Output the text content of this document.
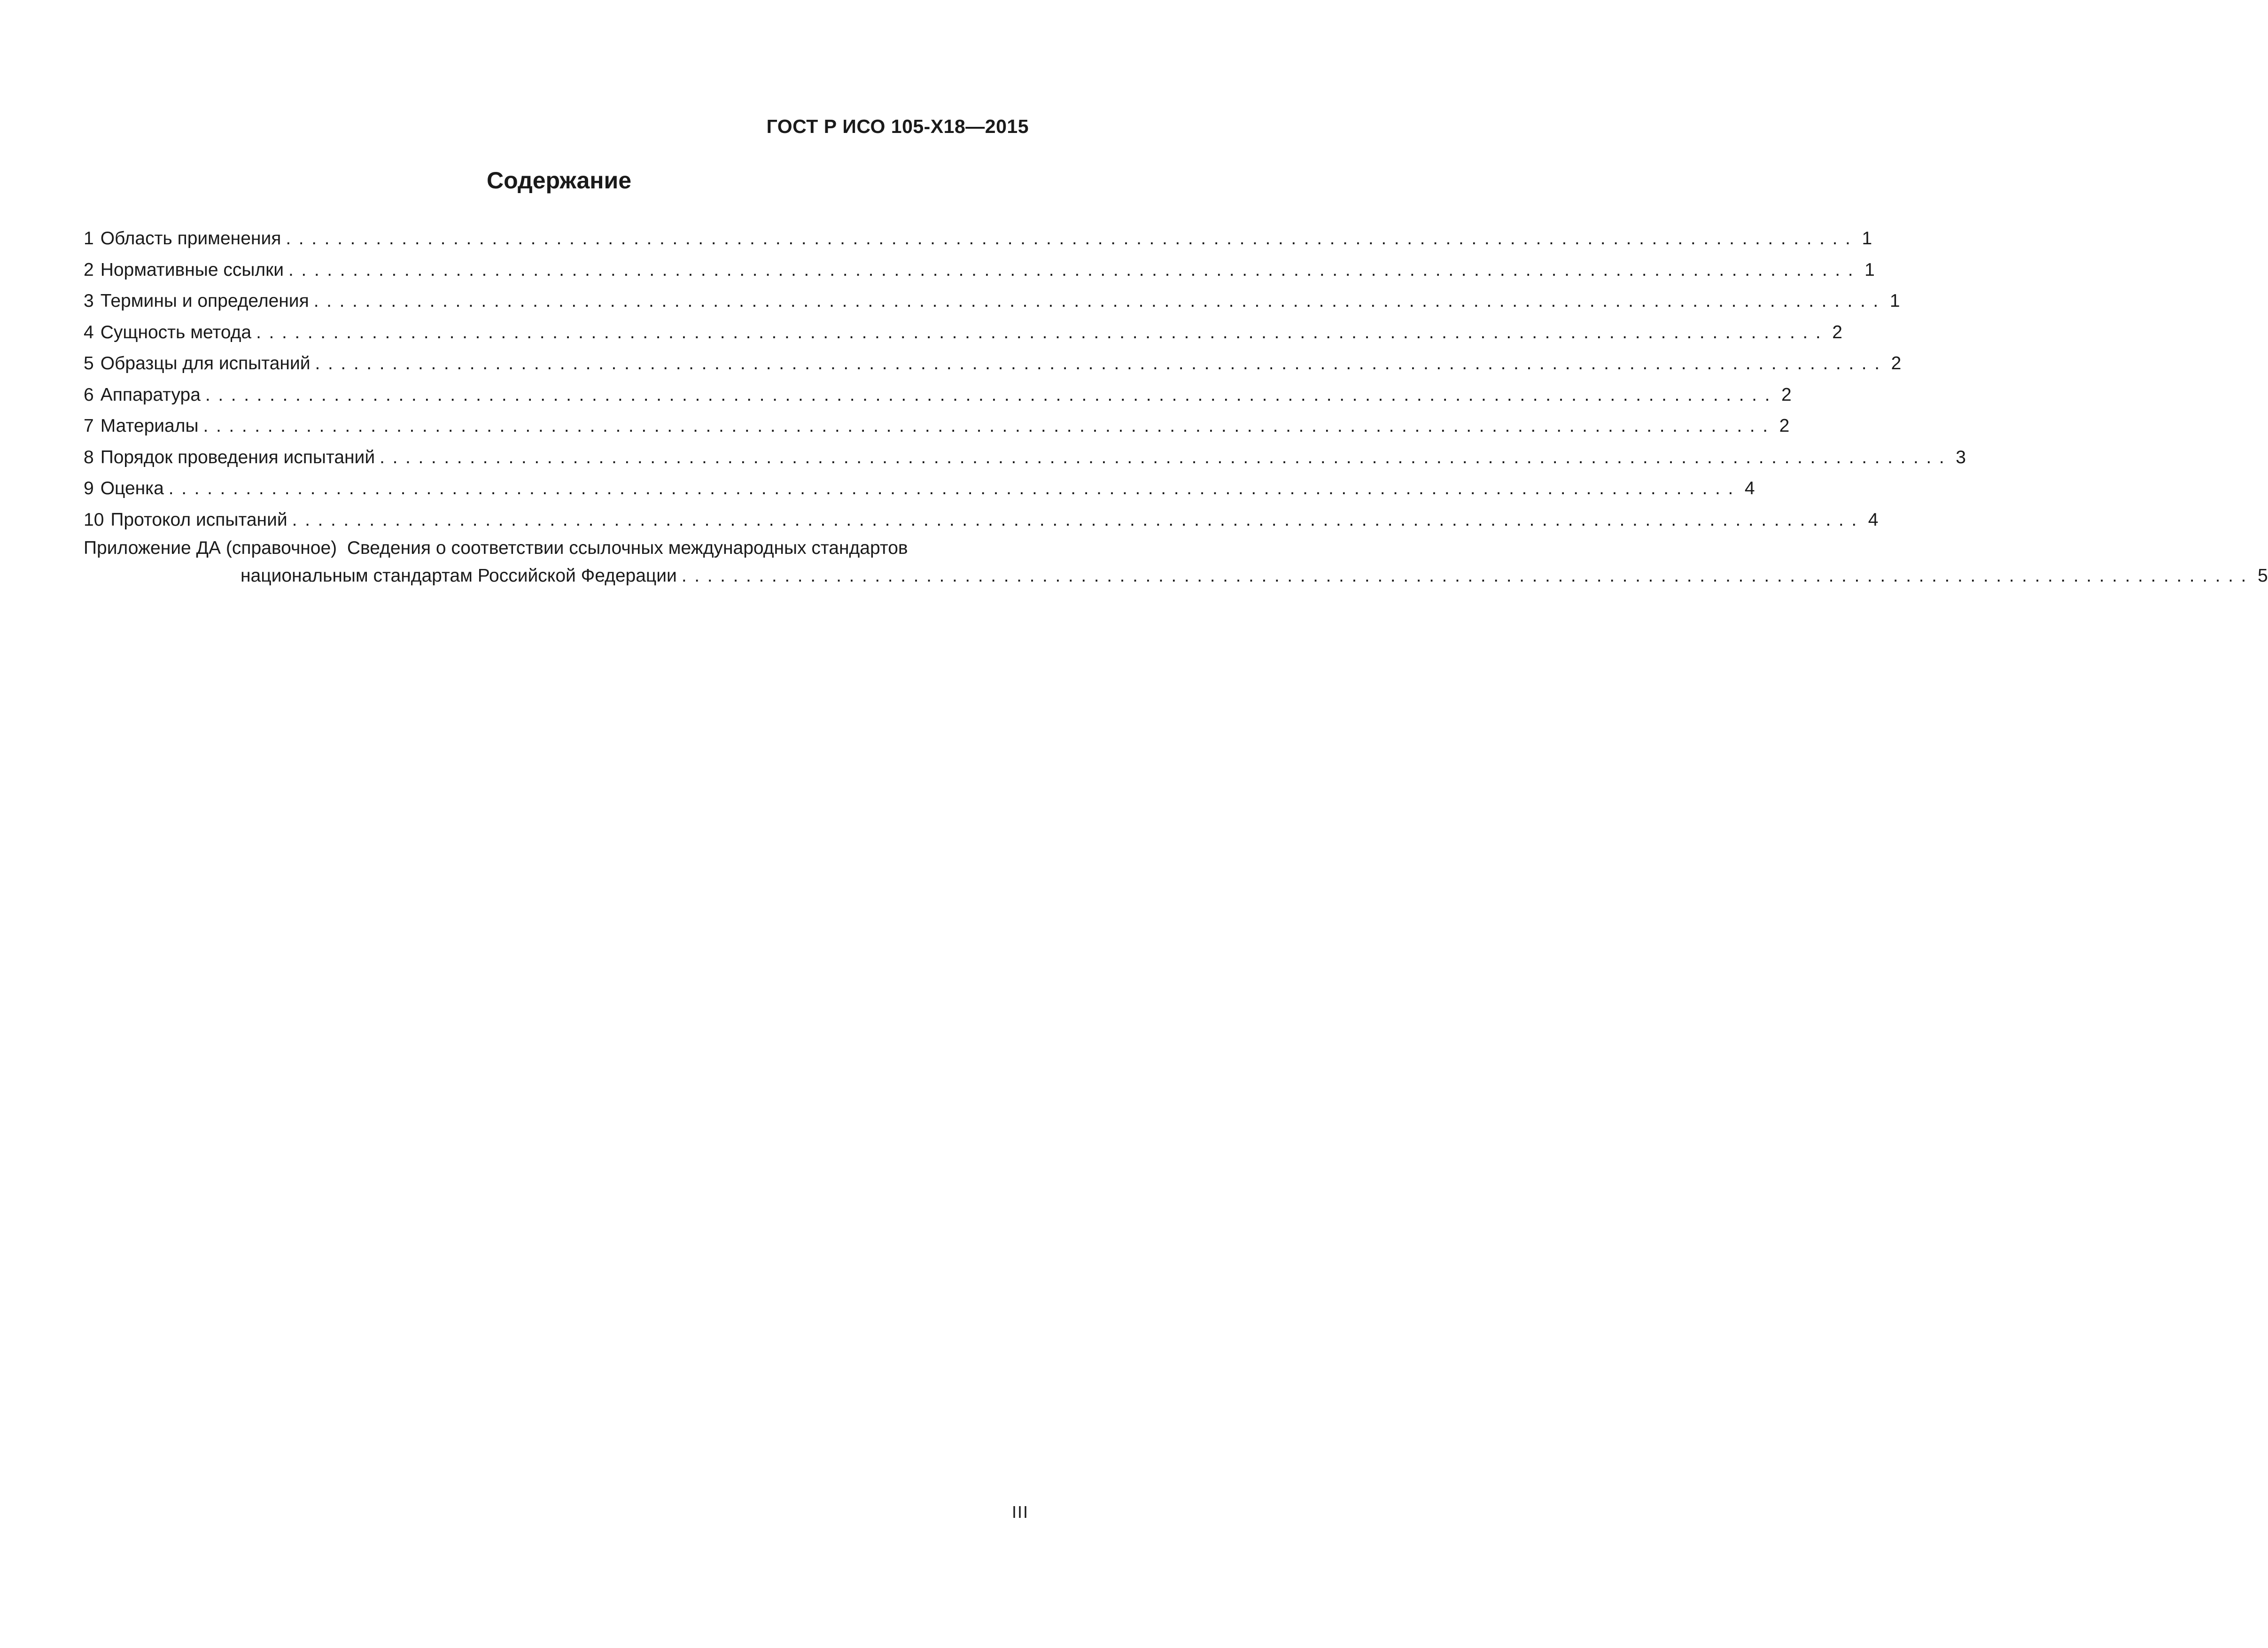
ГОСТ Р ИСО 105-X18—2015
Содержание
1 Область применения .......................................................................................................................... 1
2 Нормативные ссылки .......................................................................................................................... 1
3 Термины и определения .......................................................................................................................... 1
4 Сущность метода .......................................................................................................................... 2
5 Образцы для испытаний .......................................................................................................................... 2
6 Аппаратура .......................................................................................................................... 2
7 Материалы .......................................................................................................................... 2
8 Порядок проведения испытаний .......................................................................................................................... 3
9 Оценка .......................................................................................................................... 4
10 Протокол испытаний .......................................................................................................................... 4
Приложение ДА (справочное) Сведения о соответствии ссылочных международных стандартов
национальным стандартам Российской Федерации .......................................................................................................................... 5
III
